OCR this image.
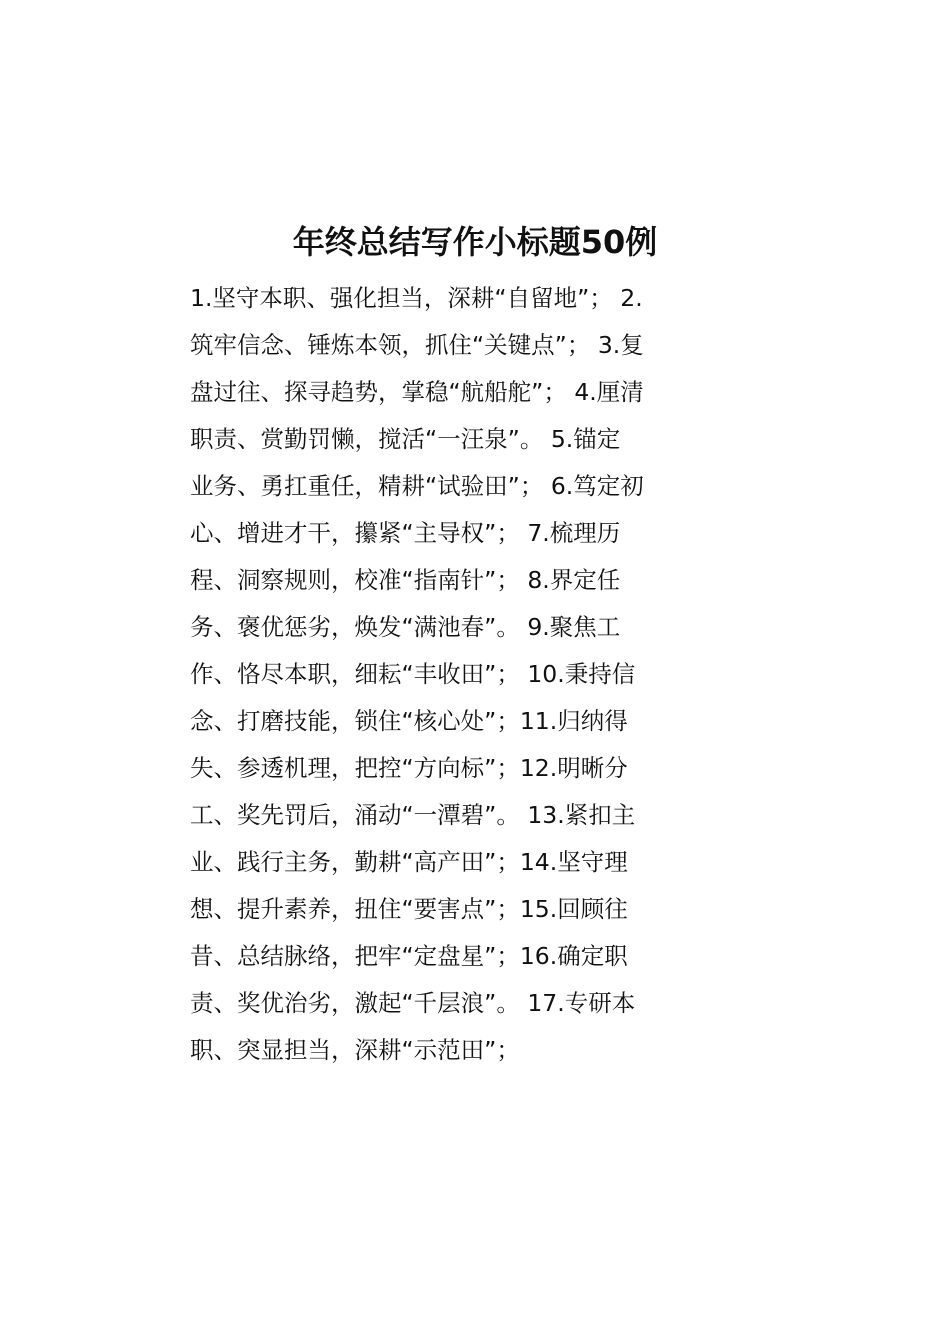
年终总结写作小标题50例

1.坚守本职、强化担当，深耕“自留地”； 2.

筑牢信念、锤炼本领，抓住“关键点”； 3.复

盘过往、探寻趋势，掌稳“航船舵”； 4.厘清

职责、赏勤罚懒，搅活“一汪泉”。 5.锚定

业务、勇扛重任，精耕“试验田”； 6.笃定初

心、增进才干，攥紧“主导权”； 7.梳理历

程、洞察规则，校准“指南针”； 8.界定任

务、褒优惩劣，焕发“满池春”。 9.聚焦工

作、恪尽本职，细耘“丰收田”； 10.秉持信

念、打磨技能，锁住“核心处”；11.归纳得

失、参透机理，把控“方向标”；12.明晰分

工、奖先罚后，涌动“一潭碧”。 13.紧扣主

业、践行主务，勤耕“高产田”；14.坚守理

想、提升素养，扭住“要害点”；15.回顾往

昔、总结脉络，把牢“定盘星”；16.确定职

责、奖优治劣，激起“千层浪”。 17.专研本

职、突显担当，深耕“示范田”；
